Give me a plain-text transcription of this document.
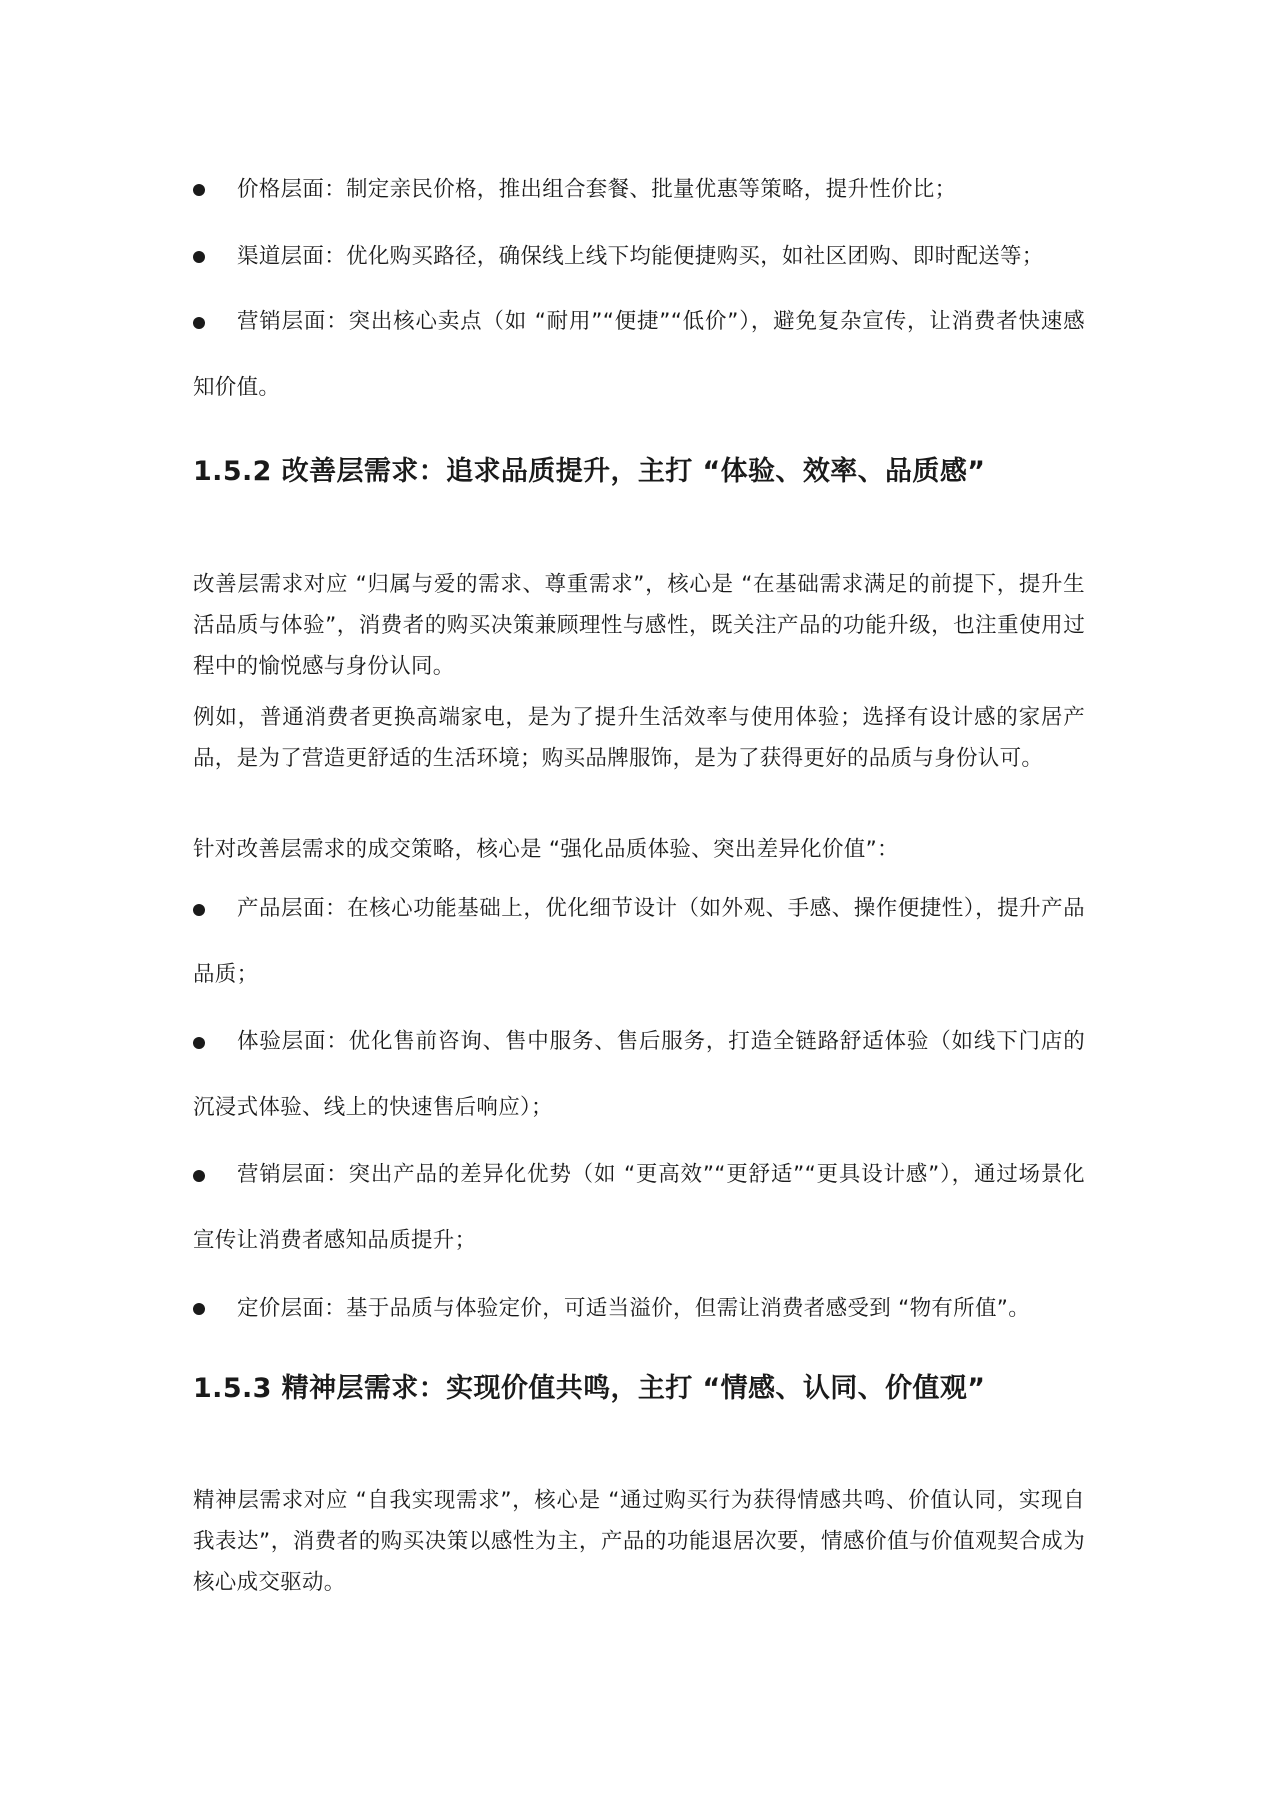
价格层面：制定亲民价格，推出组合套餐、批量优惠等策略，提升性价比；

渠道层面：优化购买路径，确保线上线下均能便捷购买，如社区团购、即时配送等；

营销层面：突出核心卖点（如 “耐用”“便捷”“低价”），避免复杂宣传，让消费者快速感知价值。

1.5.2 改善层需求：追求品质提升，主打 “体验、效率、品质感”

改善层需求对应 “归属与爱的需求、尊重需求”，核心是 “在基础需求满足的前提下，提升生活品质与体验”，消费者的购买决策兼顾理性与感性，既关注产品的功能升级，也注重使用过程中的愉悦感与身份认同。

例如，普通消费者更换高端家电，是为了提升生活效率与使用体验；选择有设计感的家居产品，是为了营造更舒适的生活环境；购买品牌服饰，是为了获得更好的品质与身份认可。

针对改善层需求的成交策略，核心是 “强化品质体验、突出差异化价值”：

产品层面：在核心功能基础上，优化细节设计（如外观、手感、操作便捷性），提升产品品质；

体验层面：优化售前咨询、售中服务、售后服务，打造全链路舒适体验（如线下门店的沉浸式体验、线上的快速售后响应）；

营销层面：突出产品的差异化优势（如 “更高效”“更舒适”“更具设计感”），通过场景化宣传让消费者感知品质提升；

定价层面：基于品质与体验定价，可适当溢价，但需让消费者感受到 “物有所值”。

1.5.3 精神层需求：实现价值共鸣，主打 “情感、认同、价值观”

精神层需求对应 “自我实现需求”，核心是 “通过购买行为获得情感共鸣、价值认同，实现自我表达”，消费者的购买决策以感性为主，产品的功能退居次要，情感价值与价值观契合成为核心成交驱动。
